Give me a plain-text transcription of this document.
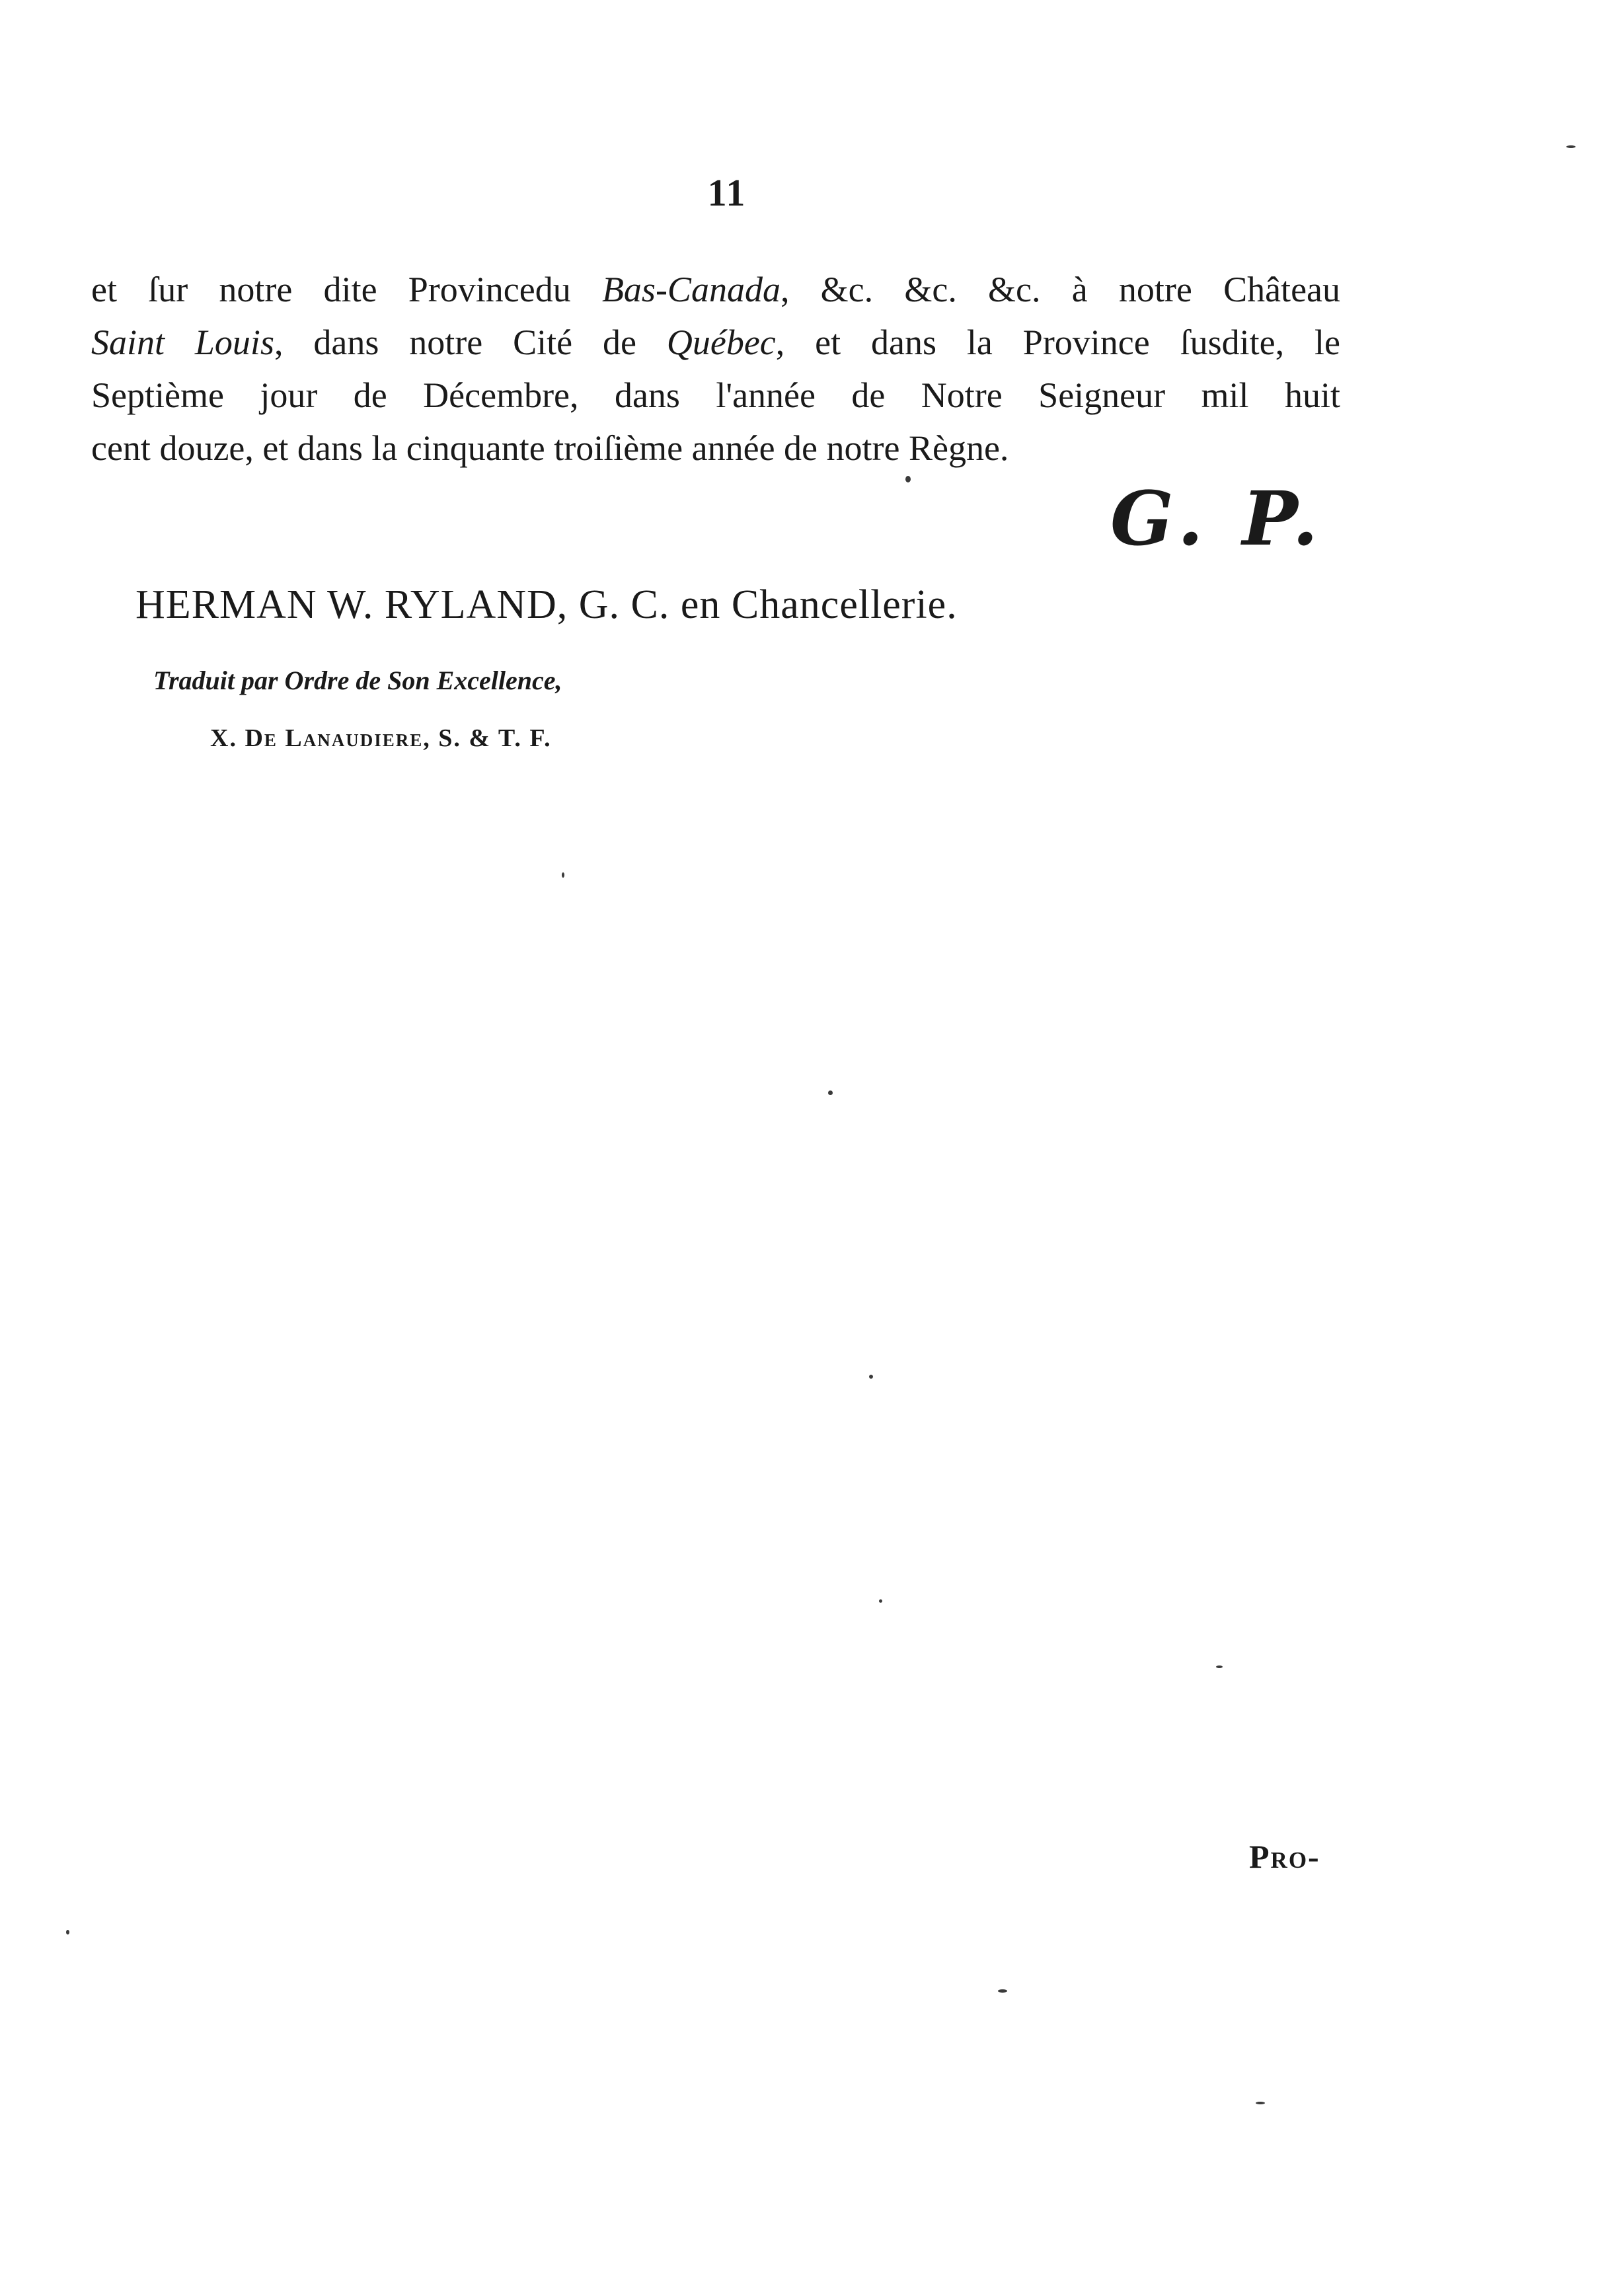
11
et ſur notre dite Provincedu Bas-Canada, &c. &c. &c. à notre Château
Saint Louis, dans notre Cité de Québec, et dans la Province ſusdite, le
Septième jour de Décembre, dans l'année de Notre Seigneur mil huit
cent douze, et dans la cinquante troiſième année de notre Règne.
G. P.
HERMAN W. RYLAND, G. C. en Chancellerie.
Traduit par Ordre de Son Excellence,
X. De Lanaudiere, S. & T. F.
Pro-
